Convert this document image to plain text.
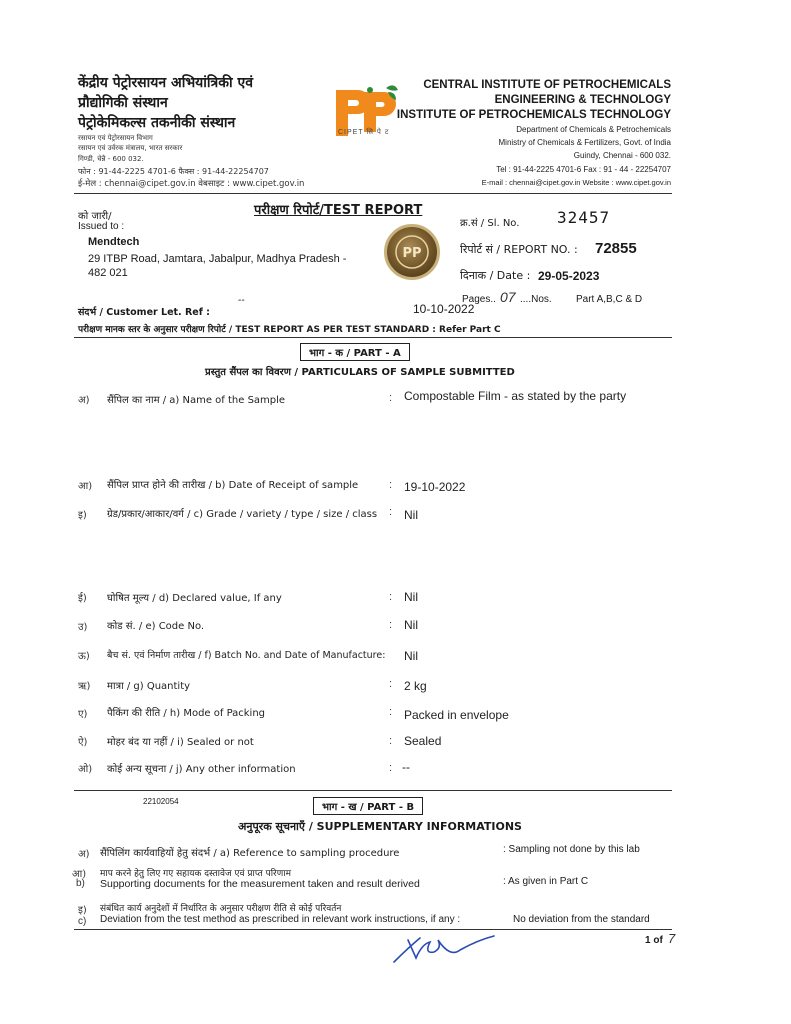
केंद्रीय पेट्रोरसायन अभियांत्रिकी एवं
प्रौद्योगिकी संस्थान
पेट्रोकेमिकल्स तकनीकी संस्थान
रसायन एवं पेट्रोरसायन विभाग
रसायन एवं उर्वरक मंत्रालय, भारत सरकार
गिण्डी, चेन्नै - 600 032.
फोन : 91-44-2225 4701-6 फैक्स : 91-44-22254707
ई-मेल : chennai@cipet.gov.in वेबसाइट : www.cipet.gov.in
CIPET सि पे ट
CENTRAL INSTITUTE OF PETROCHEMICALS
ENGINEERING & TECHNOLOGY
INSTITUTE OF PETROCHEMICALS TECHNOLOGY
Department of Chemicals & Petrochemicals
Ministry of Chemicals & Fertilizers, Govt. of India
Guindy, Chennai - 600 032.
Tel : 91-44-2225 4701-6 Fax : 91 - 44 - 22254707
E-mail : chennai@cipet.gov.in Website : www.cipet.gov.in
परीक्षण रिपोर्ट/TEST REPORT
को जारी/
Issued to :
Mendtech
29 ITBP Road, Jamtara, Jabalpur, Madhya Pradesh -
482 021
PP
क्र.सं / Sl. No. 32457
रिपोर्ट सं / REPORT NO. : 72855
दिनाक / Date : 29-05-2023
संदर्भ / Customer Let. Ref :
--
10-10-2022
Pages.. 07 ....Nos. Part A,B,C & D
परीक्षण मानक स्तर के अनुसार परीक्षण रिपोर्ट / TEST REPORT AS PER TEST STANDARD : Refer Part C
भाग - क / PART - A
प्रस्तुत सैंपल का विवरण / PARTICULARS OF SAMPLE SUBMITTED
अ) सैंपिल का नाम / a) Name of the Sample	: Compostable Film - as stated by the party
आ) सैंपिल प्राप्त होने की तारीख / b) Date of Receipt of sample	: 19-10-2022
इ) ग्रेड/प्रकार/आकार/वर्ग / c) Grade / variety / type / size / class : Nil
ई) घोषित मूल्य / d) Declared value, If any	: Nil
उ) कोड सं. / e) Code No.	: Nil
ऊ) बैच सं. एवं निर्माण तारीख / f) Batch No. and Date of Manufacture: Nil
ऋ) मात्रा / g) Quantity	: 2 kg
ए) पैकिंग की रीति / h) Mode of Packing	: Packed in envelope
ऐ) मोहर बंद या नहीं / i) Sealed or not	: Sealed
ओ) कोई अन्य सूचना / j) Any other information	: --
22102054
भाग - ख / PART - B
अनुपूरक सूचनाएँ / SUPPLEMENTARY INFORMATIONS
अ) सैंपिलिंग कार्यवाहियों हेतु संदर्भ / a) Reference to sampling procedure	: Sampling not done by this lab
आ)
b)
माप करने हेतु लिए गए सहायक दस्तावेज एवं प्राप्त परिणाम
Supporting documents for the measurement taken and result derived	: As given in Part C
इ)
c)
संबंधित कार्य अनुदेशों में निर्धारित के अनुसार परीक्षण रीति से कोई परिवर्तन
Deviation from the test method as prescribed in relevant work instructions, if any :	No deviation from the standard
1 of 7
